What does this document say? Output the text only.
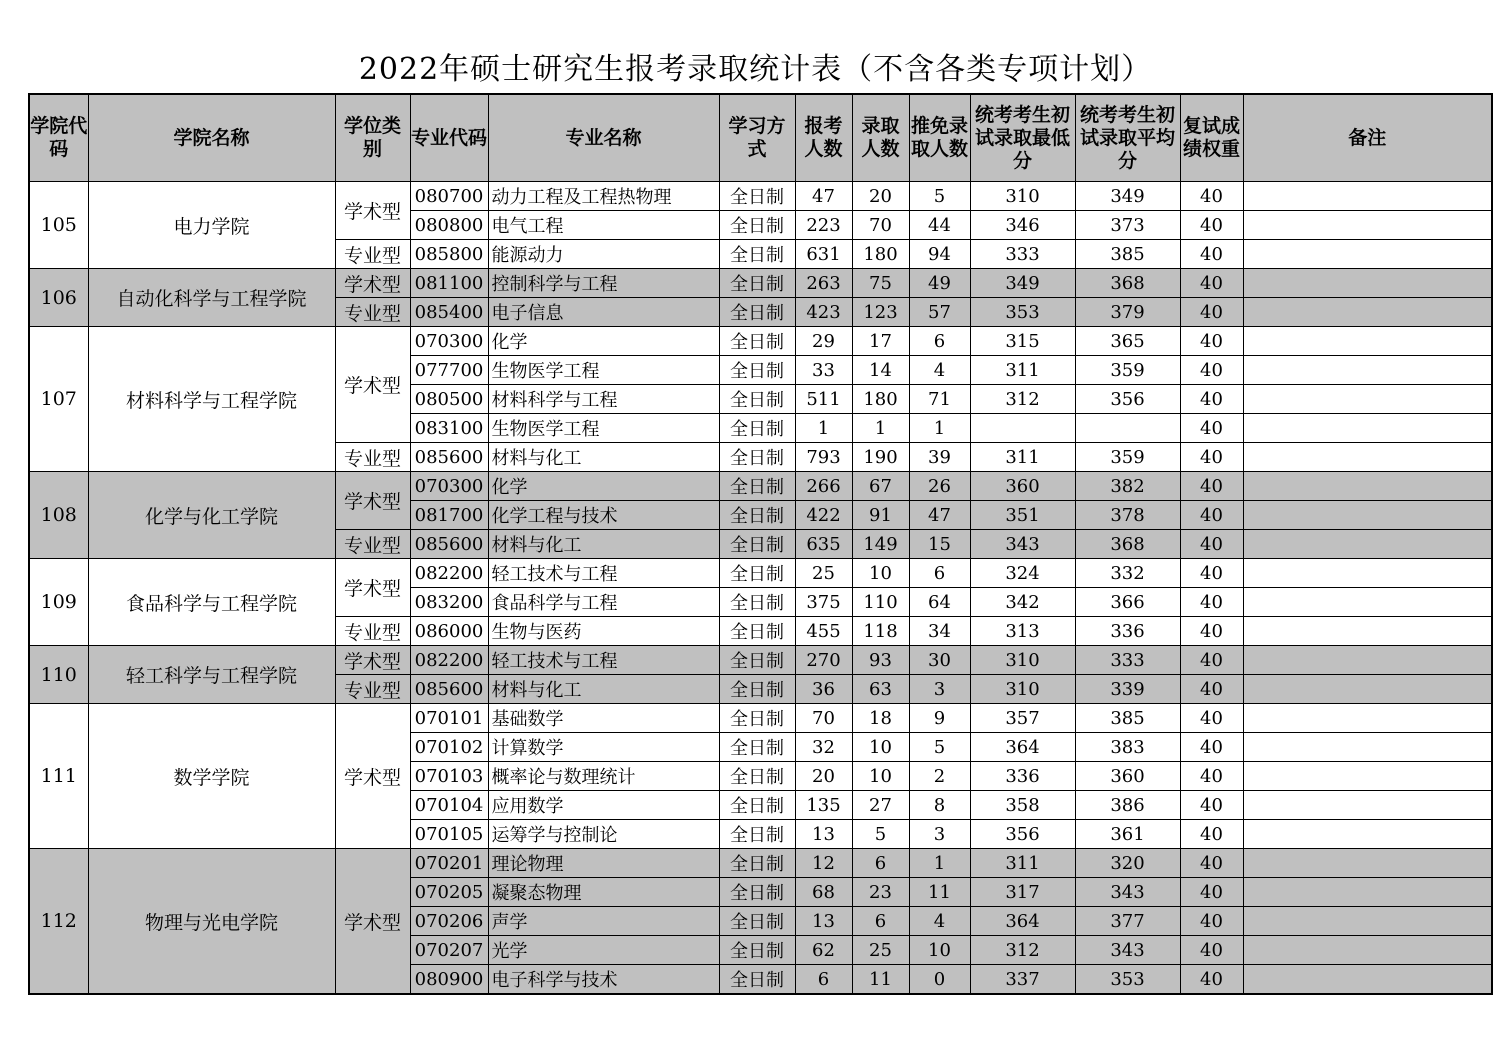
2022年硕士研究生报考录取统计表（不含各类专项计划）
学院代码	学院名称	学位类别	专业代码	专业名称	学习方式	报考人数	录取人数	推免录取人数	统考考生初试录取最低分	统考考生初试录取平均分	复试成绩权重	备注
105	电力学院	学术型	080700	动力工程及工程热物理	全日制	47	20	5	310	349	40	
			080800	电气工程	全日制	223	70	44	346	373	40	
		专业型	085800	能源动力	全日制	631	180	94	333	385	40	
106	自动化科学与工程学院	学术型	081100	控制科学与工程	全日制	263	75	49	349	368	40	
		专业型	085400	电子信息	全日制	423	123	57	353	379	40	
107	材料科学与工程学院	学术型	070300	化学	全日制	29	17	6	315	365	40	
			077700	生物医学工程	全日制	33	14	4	311	359	40	
			080500	材料科学与工程	全日制	511	180	71	312	356	40	
			083100	生物医学工程	全日制	1	1	1			40	
		专业型	085600	材料与化工	全日制	793	190	39	311	359	40	
108	化学与化工学院	学术型	070300	化学	全日制	266	67	26	360	382	40	
			081700	化学工程与技术	全日制	422	91	47	351	378	40	
		专业型	085600	材料与化工	全日制	635	149	15	343	368	40	
109	食品科学与工程学院	学术型	082200	轻工技术与工程	全日制	25	10	6	324	332	40	
			083200	食品科学与工程	全日制	375	110	64	342	366	40	
		专业型	086000	生物与医药	全日制	455	118	34	313	336	40	
110	轻工科学与工程学院	学术型	082200	轻工技术与工程	全日制	270	93	30	310	333	40	
		专业型	085600	材料与化工	全日制	36	63	3	310	339	40	
111	数学学院	学术型	070101	基础数学	全日制	70	18	9	357	385	40	
			070102	计算数学	全日制	32	10	5	364	383	40	
			070103	概率论与数理统计	全日制	20	10	2	336	360	40	
			070104	应用数学	全日制	135	27	8	358	386	40	
			070105	运筹学与控制论	全日制	13	5	3	356	361	40	
112	物理与光电学院	学术型	070201	理论物理	全日制	12	6	1	311	320	40	
			070205	凝聚态物理	全日制	68	23	11	317	343	40	
			070206	声学	全日制	13	6	4	364	377	40	
			070207	光学	全日制	62	25	10	312	343	40	
			080900	电子科学与技术	全日制	6	11	0	337	353	40	
